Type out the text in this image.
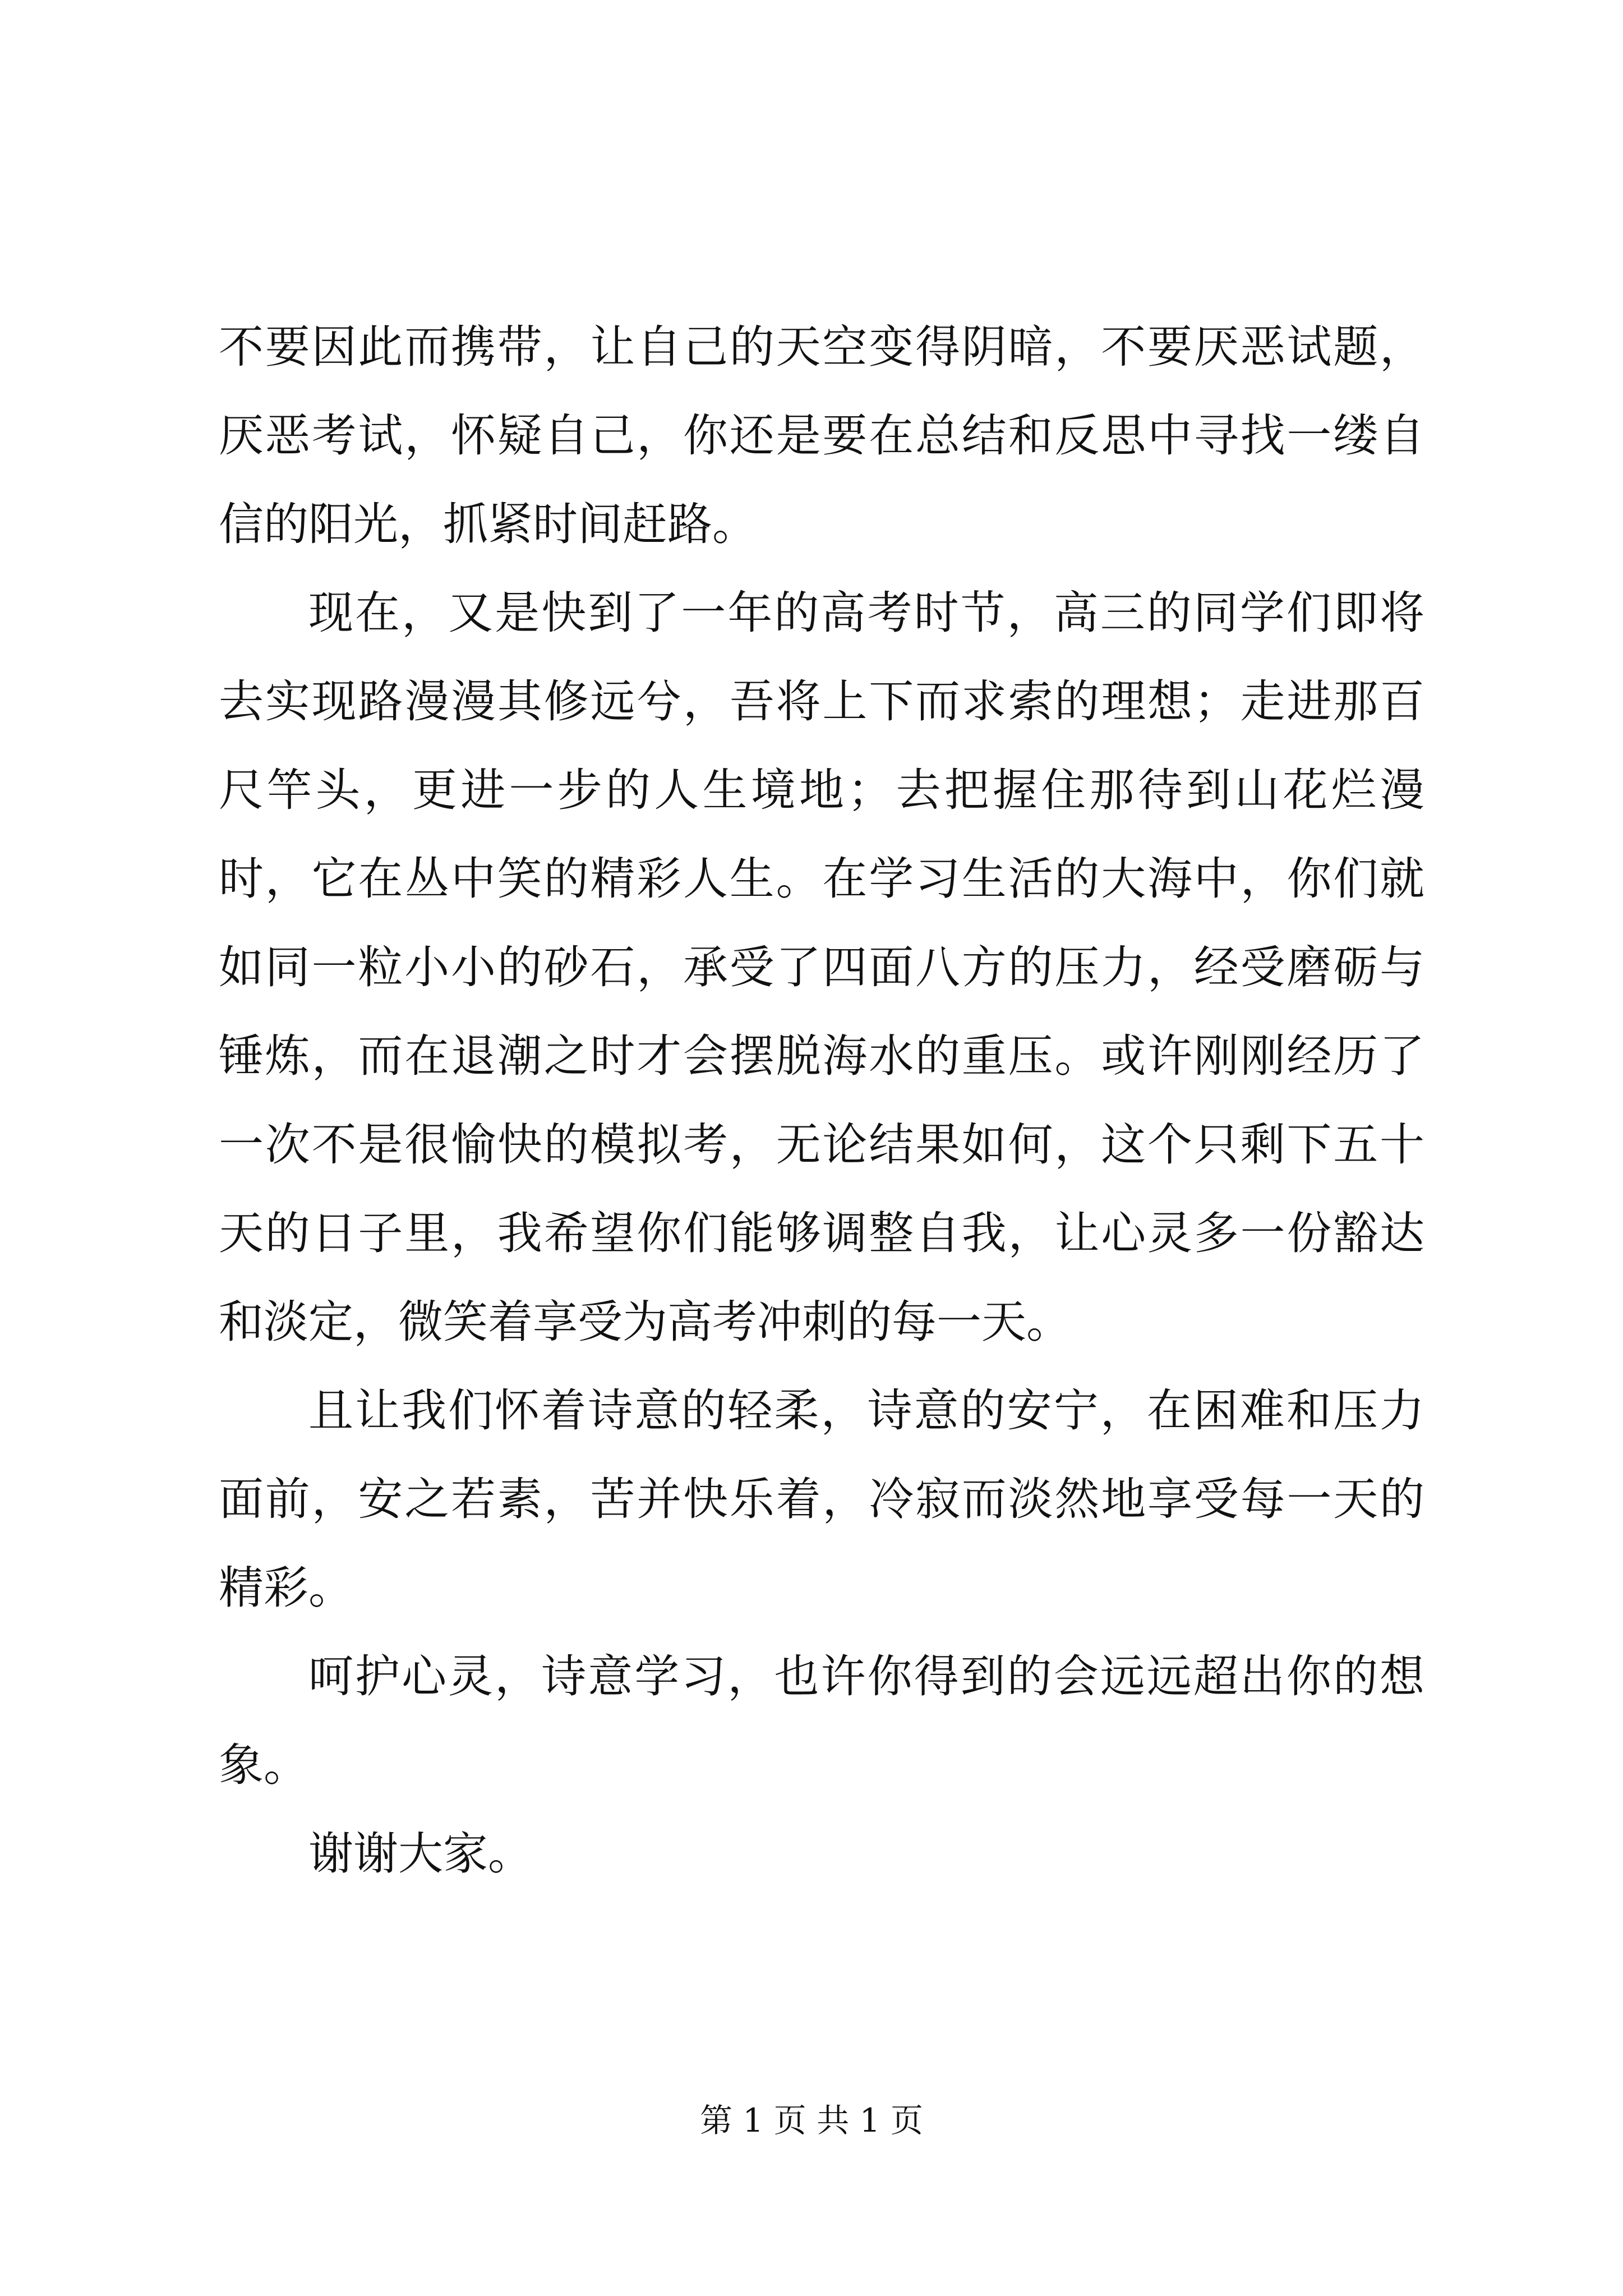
不要因此而携带，让自己的天空变得阴暗，不要厌恶试题，厌恶考试，怀疑自己，你还是要在总结和反思中寻找一缕自信的阳光，抓紧时间赶路。

现在，又是快到了一年的高考时节，高三的同学们即将去实现路漫漫其修远兮，吾将上下而求索的理想；走进那百尺竿头，更进一步的人生境地；去把握住那待到山花烂漫时，它在丛中笑的精彩人生。在学习生活的大海中，你们就如同一粒小小的砂石，承受了四面八方的压力，经受磨砺与锤炼，而在退潮之时才会摆脱海水的重压。或许刚刚经历了一次不是很愉快的模拟考，无论结果如何，这个只剩下五十天的日子里，我希望你们能够调整自我，让心灵多一份豁达和淡定，微笑着享受为高考冲刺的每一天。

且让我们怀着诗意的轻柔，诗意的安宁，在困难和压力面前，安之若素，苦并快乐着，冷寂而淡然地享受每一天的精彩。

呵护心灵，诗意学习，也许你得到的会远远超出你的想象。

谢谢大家。

第 1 页 共 1 页
